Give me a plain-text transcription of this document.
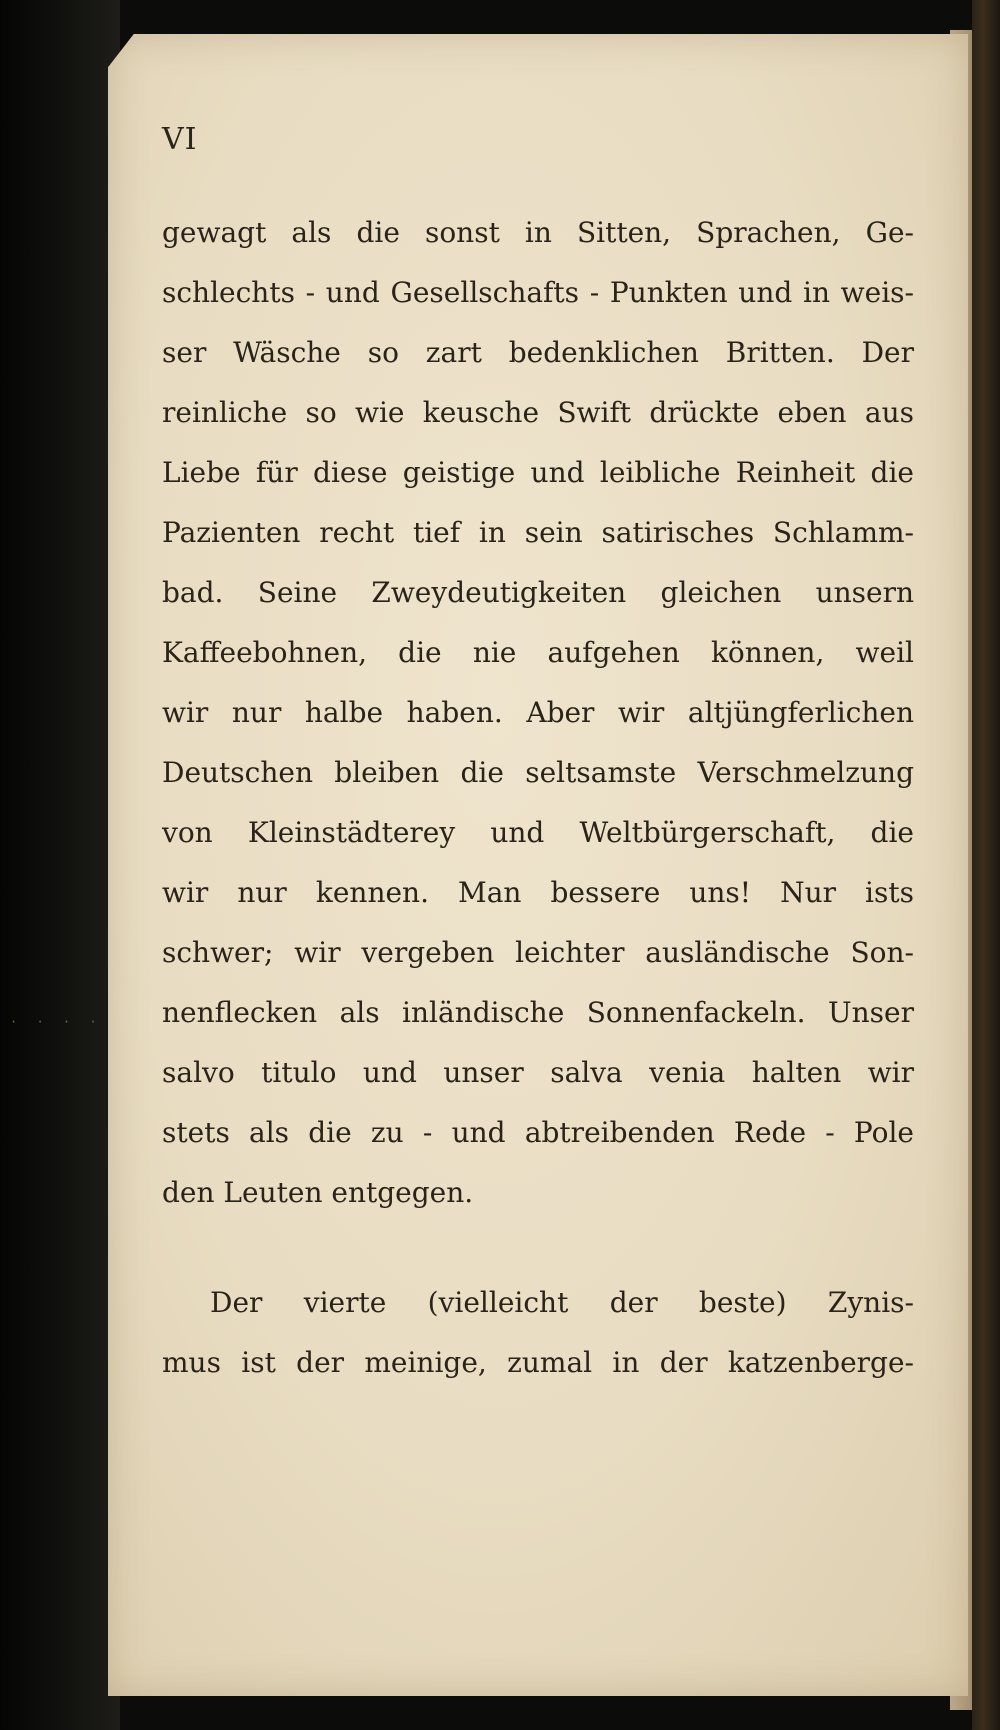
· · · ·

VI

gewagt als die sonst in Sitten, Sprachen, Ge-
schlechts - und Gesellschafts - Punkten und in weis-
ser Wäsche so zart bedenklichen Britten. Der
reinliche so wie keusche Swift drückte eben aus
Liebe für diese geistige und leibliche Reinheit die
Pazienten recht tief in sein satirisches Schlamm-
bad. Seine Zweydeutigkeiten gleichen unsern
Kaffeebohnen, die nie aufgehen können, weil
wir nur halbe haben. Aber wir altjüngferlichen
Deutschen bleiben die seltsamste Verschmelzung
von Kleinstädterey und Weltbürgerschaft, die
wir nur kennen. Man bessere uns! Nur ists
schwer; wir vergeben leichter ausländische Son-
nenflecken als inländische Sonnenfackeln. Unser
salvo titulo und unser salva venia halten wir
stets als die zu - und abtreibenden Rede - Pole
den Leuten entgegen.
Der vierte (vielleicht der beste) Zynis-
mus ist der meinige, zumal in der katzenberge-
